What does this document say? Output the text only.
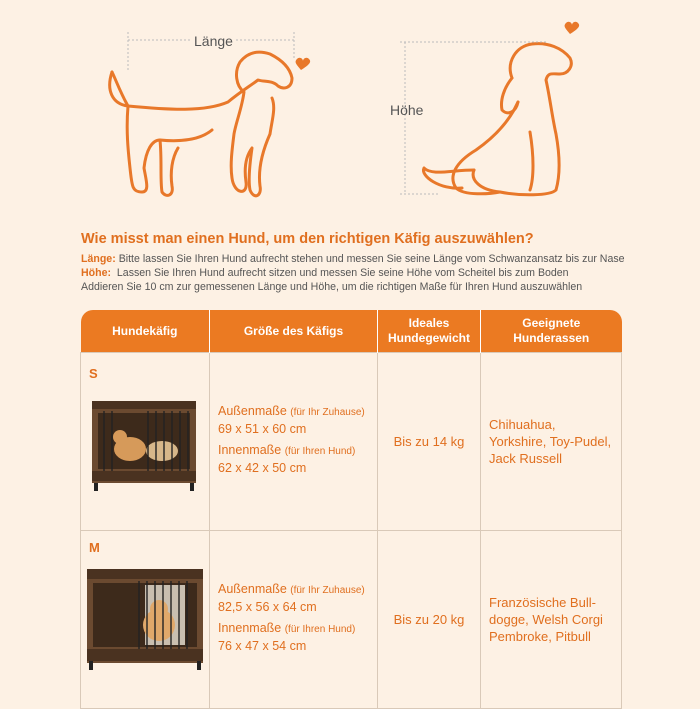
Länge
Höhe
Wie misst man einen Hund, um den richtigen Käfig auszuwählen?
Länge: Bitte lassen Sie Ihren Hund aufrecht stehen und messen Sie seine Länge vom Schwanzansatz bis zur Nase
Höhe: Lassen Sie Ihren Hund aufrecht sitzen und messen Sie seine Höhe vom Scheitel bis zum Boden
Addieren Sie 10 cm zur gemessenen Länge und Höhe, um die richtigen Maße für Ihren Hund auszuwählen
Hundekäfig	Größe des Käfigs	Ideales Hundegewicht	Geeignete Hunderassen

S	Außenmaße (für Ihr Zuhause)
69 x 51 x 60 cm
Innenmaße (für Ihren Hund)
62 x 42 x 50 cm	Bis zu 14 kg	Chihuahua, Yorkshire, Toy-Pudel, Jack Russell

M	Außenmaße (für Ihr Zuhause)
82,5 x 56 x 64 cm
Innenmaße (für Ihren Hund)
76 x 47 x 54 cm	Bis zu 20 kg	Französische Bull-dogge, Welsh Corgi Pembroke, Pitbull
